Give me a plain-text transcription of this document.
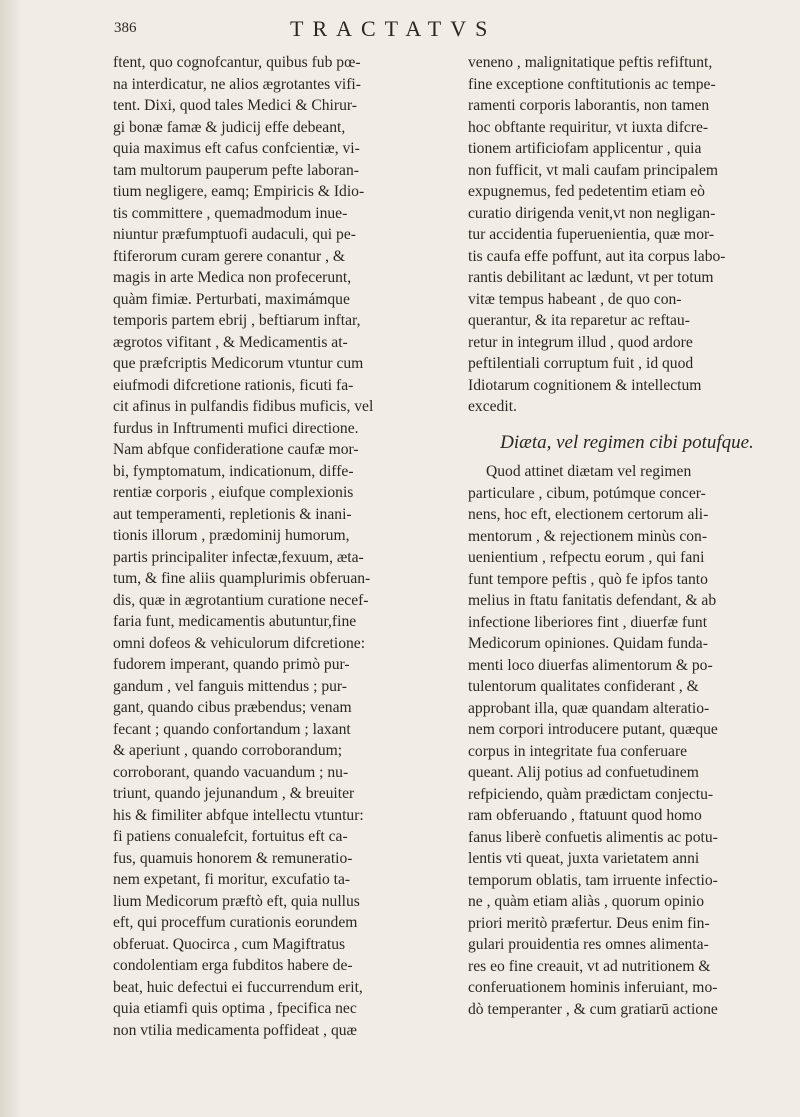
386	TRACTATVS
ftent, quo cognofcantur, quibus fub pœ-
na interdicatur, ne alios ægrotantes vifi-
tent. Dixi, quod tales Medici & Chirur-
gi bonæ famæ & judicij effe debeant,
quia maximus eft cafus confcientiæ, vi-
tam multorum pauperum pefte laboran-
tium negligere, eamq; Empiricis & Idio-
tis committere , quemadmodum inue-
niuntur præfumptuofi audaculi, qui pe-
ftiferorum curam gerere conantur , &
magis in arte Medica non profecerunt,
quàm fimiæ. Perturbati, maximámque
temporis partem ebrij , beftiarum inftar,
ægrotos vifitant , & Medicamentis at-
que præfcriptis Medicorum vtuntur cum
eiufmodi difcretione rationis, ficuti fa-
cit afinus in pulfandis fidibus muficis, vel
furdus in Inftrumenti mufici directione.
Nam abfque confideratione caufæ mor-
bi, fymptomatum, indicationum, diffe-
rentiæ corporis , eiufque complexionis
aut temperamenti, repletionis & inani-
tionis illorum , prædominij humorum,
partis principaliter infectæ,fexuum, æta-
tum, & fine aliis quamplurimis obferuan-
dis, quæ in ægrotantium curatione necef-
faria funt, medicamentis abutuntur,fine
omni dofeos & vehiculorum difcretione:
fudorem imperant, quando primò pur-
gandum , vel fanguis mittendus ; pur-
gant, quando cibus præbendus; venam
fecant ; quando confortandum ; laxant
& aperiunt , quando corroborandum;
corroborant, quando vacuandum ; nu-
triunt, quando jejunandum , & breuiter
his & fimiliter abfque intellectu vtuntur:
fi patiens conualefcit, fortuitus eft ca-
fus, quamuis honorem & remuneratio-
nem expetant, fi moritur, excufatio ta-
lium Medicorum præftò eft, quia nullus
eft, qui proceffum curationis eorundem
obferuat. Quocirca , cum Magiftratus
condolentiam erga fubditos habere de-
beat, huic defectui ei fuccurrendum erit,
quia etiamfi quis optima , fpecifica nec
non vtilia medicamenta poffideat , quæ
veneno , malignitatique peftis refiftunt,
fine exceptione conftitutionis ac tempe-
ramenti corporis laborantis, non tamen
hoc obftante requiritur, vt iuxta difcre-
tionem artificiofam applicentur , quia
non fufficit, vt mali caufam principalem
expugnemus, fed pedetentim etiam eò
curatio dirigenda venit,vt non negligan-
tur accidentia fuperuenientia, quæ mor-
tis caufa effe poffunt, aut ita corpus labo-
rantis debilitant ac lædunt, vt per totum
vitæ tempus habeant , de quo con-
querantur, & ita reparetur ac reftau-
retur in integrum illud , quod ardore
peftilentiali corruptum fuit , id quod
Idiotarum cognitionem & intellectum
excedit.
Diæta, vel regimen cibi potufque.
Quod attinet diætam vel regimen
particulare , cibum, potúmque concer-
nens, hoc eft, electionem certorum ali-
mentorum , & rejectionem minùs con-
uenientium , refpectu eorum , qui fani
funt tempore peftis , quò fe ipfos tanto
melius in ftatu fanitatis defendant, & ab
infectione liberiores fint , diuerfæ funt
Medicorum opiniones. Quidam funda-
menti loco diuerfas alimentorum & po-
tulentorum qualitates confiderant , &
approbant illa, quæ quandam alteratio-
nem corpori introducere putant, quæque
corpus in integritate fua conferuare
queant. Alij potius ad confuetudinem
refpiciendo, quàm prædictam conjectu-
ram obferuando , ftatuunt quod homo
fanus liberè confuetis alimentis ac potu-
lentis vti queat, juxta varietatem anni
temporum oblatis, tam irruente infectio-
ne , quàm etiam aliàs , quorum opinio
priori meritò præfertur. Deus enim fin-
gulari prouidentia res omnes alimenta-
res eo fine creauit, vt ad nutritionem &
conferuationem hominis inferuiant, mo-
dò temperanter , & cum gratiarū actione
